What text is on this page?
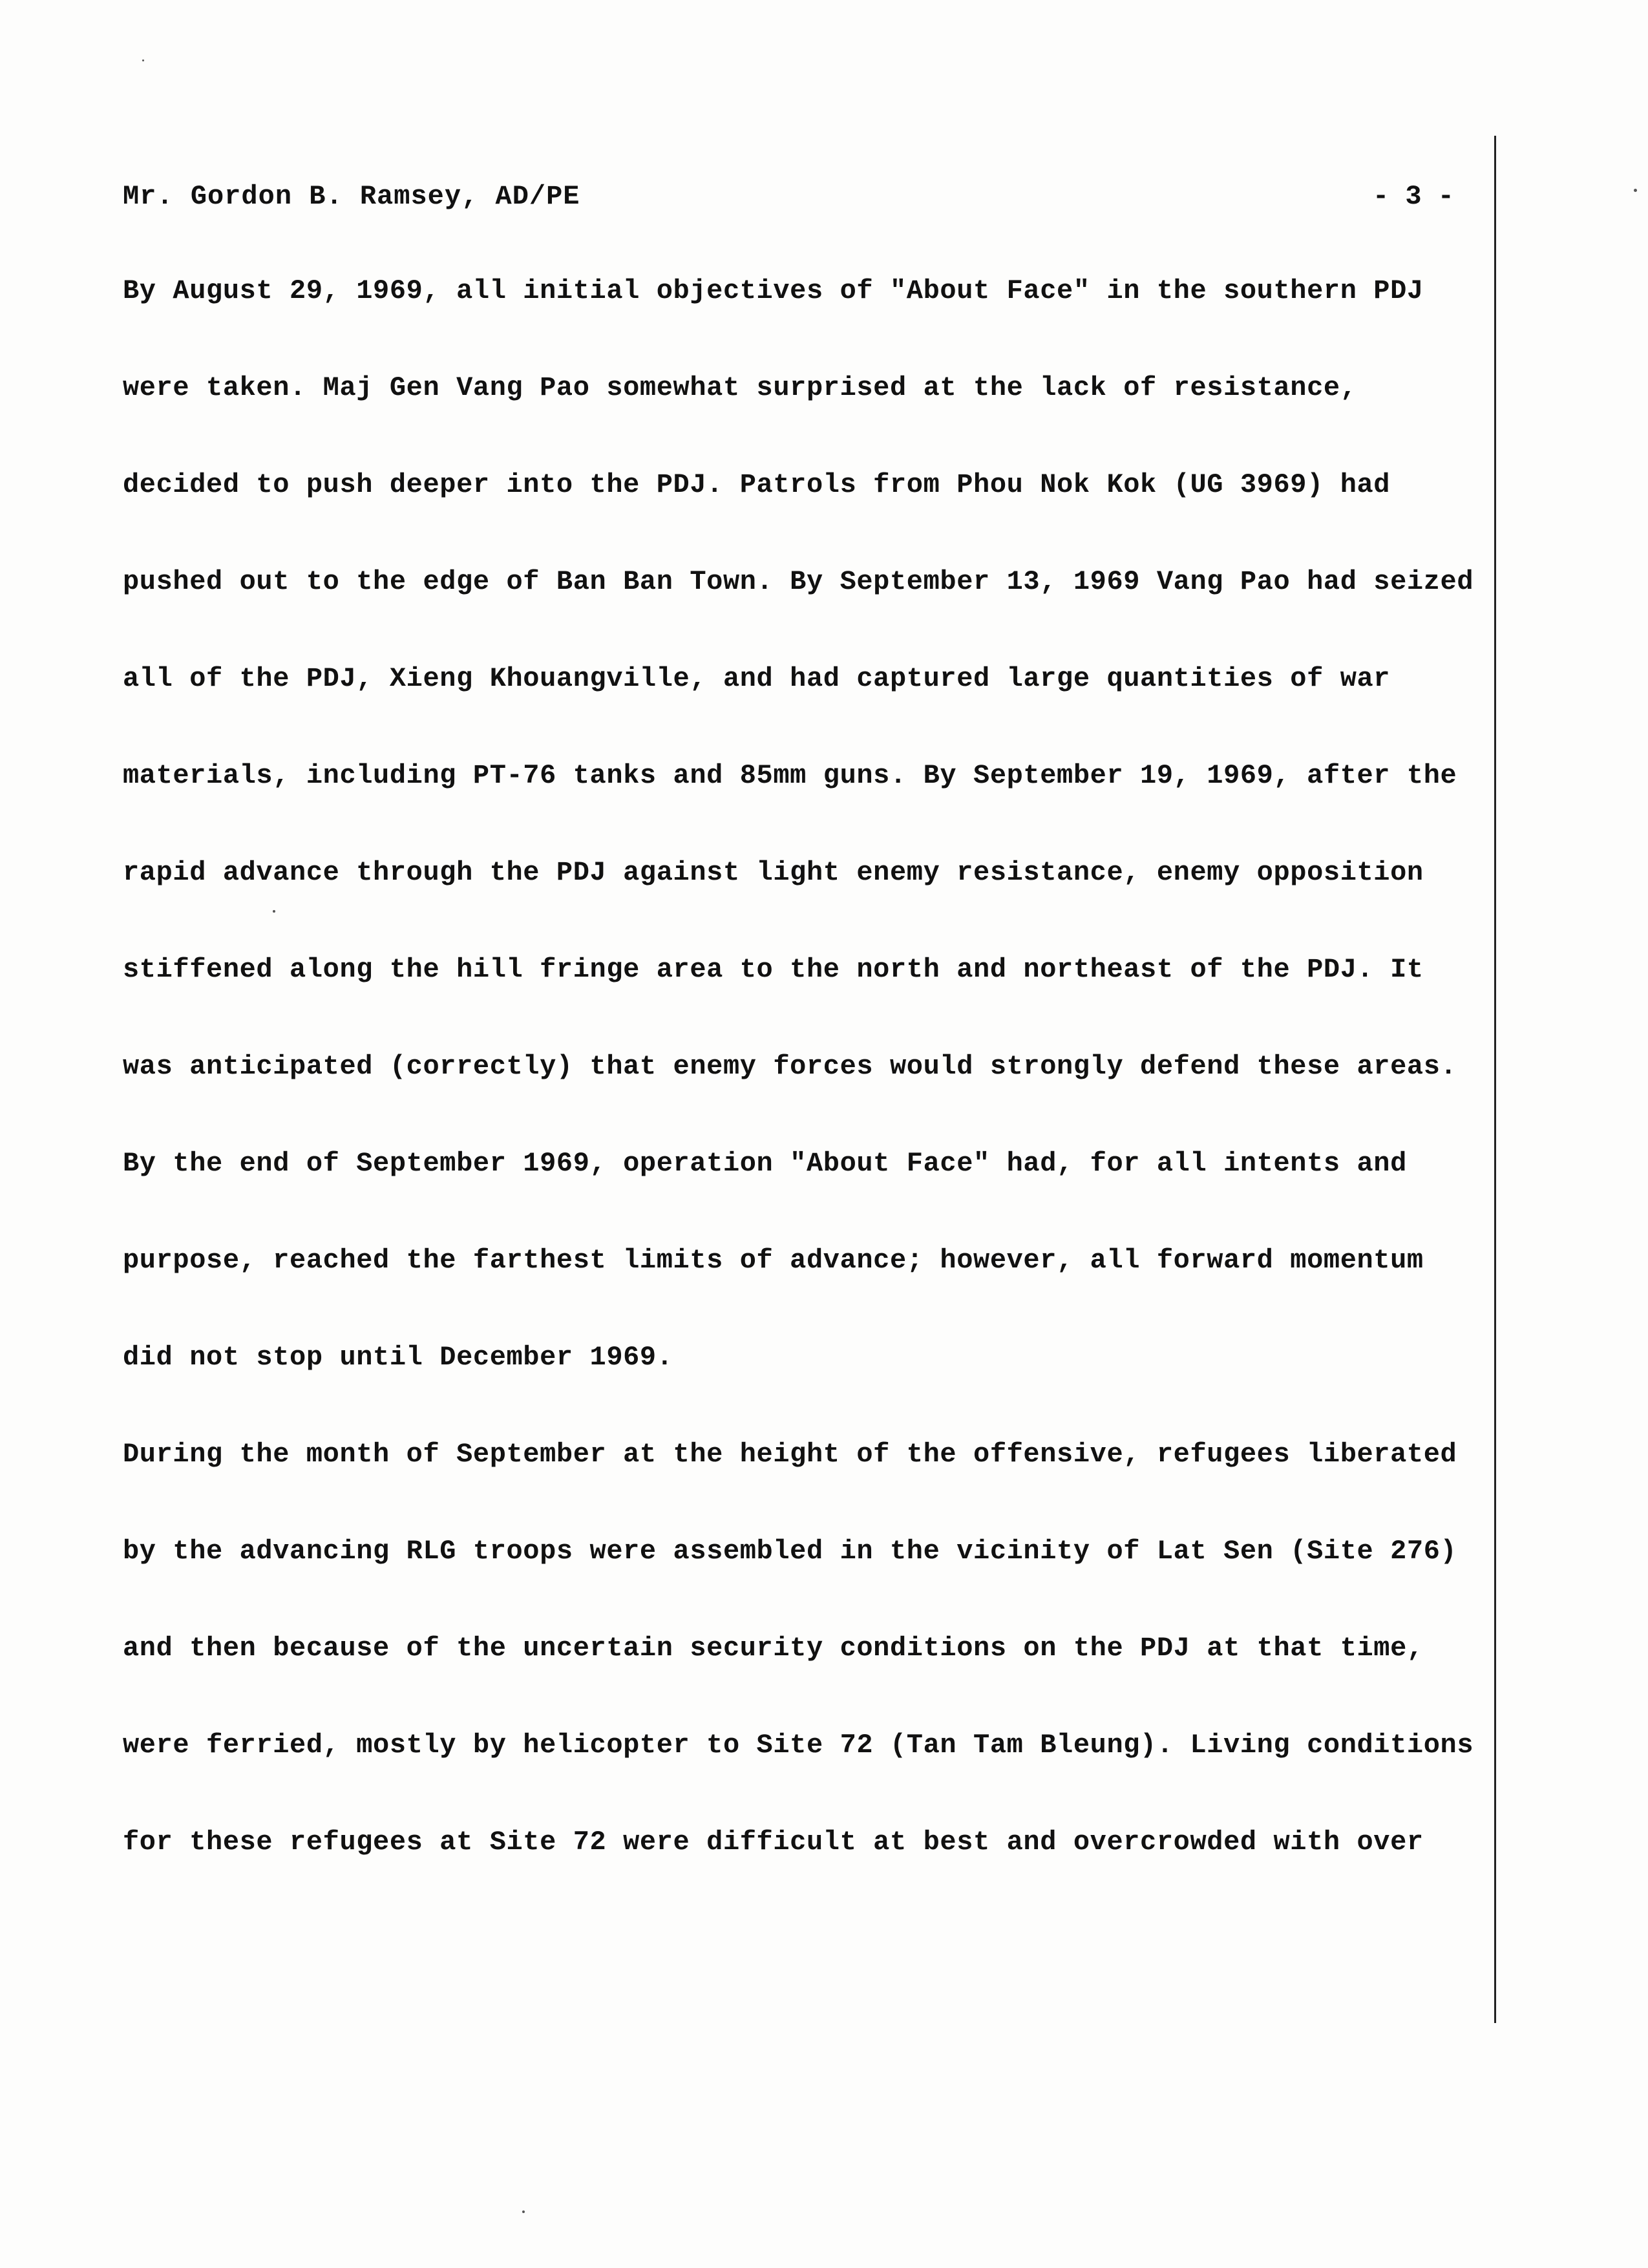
Mr. Gordon B. Ramsey, AD/PE	- 3 -
By August 29, 1969, all initial objectives of "About Face" in the southern PDJ
were taken. Maj Gen Vang Pao somewhat surprised at the lack of resistance,
decided to push deeper into the PDJ. Patrols from Phou Nok Kok (UG 3969) had
pushed out to the edge of Ban Ban Town. By September 13, 1969 Vang Pao had seized
all of the PDJ, Xieng Khouangville, and had captured large quantities of war
materials, including PT-76 tanks and 85mm guns. By September 19, 1969, after the
rapid advance through the PDJ against light enemy resistance, enemy opposition
stiffened along the hill fringe area to the north and northeast of the PDJ. It
was anticipated (correctly) that enemy forces would strongly defend these areas.
By the end of September 1969, operation "About Face" had, for all intents and
purpose, reached the farthest limits of advance; however, all forward momentum
did not stop until December 1969.
During the month of September at the height of the offensive, refugees liberated
by the advancing RLG troops were assembled in the vicinity of Lat Sen (Site 276)
and then because of the uncertain security conditions on the PDJ at that time,
were ferried, mostly by helicopter to Site 72 (Tan Tam Bleung). Living conditions
for these refugees at Site 72 were difficult at best and overcrowded with over
